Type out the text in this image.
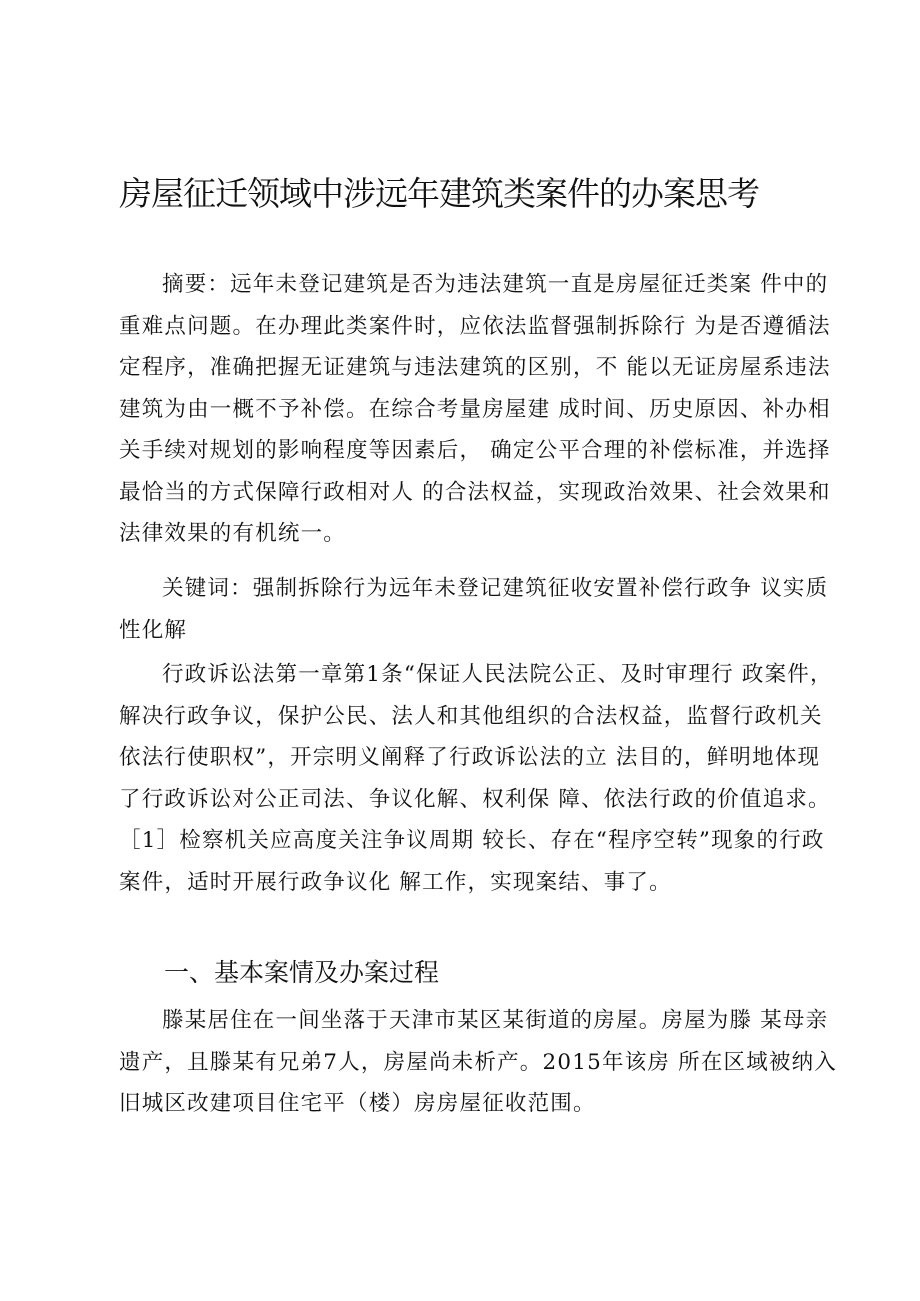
房屋征迁领域中涉远年建筑类案件的办案思考

摘要：远年未登记建筑是否为违法建筑一直是房屋征迁类案 件中的重难点问题。在办理此类案件时，应依法监督强制拆除行 为是否遵循法定程序，准确把握无证建筑与违法建筑的区别，不 能以无证房屋系违法建筑为由一概不予补偿。在综合考量房屋建 成时间、历史原因、补办相关手续对规划的影响程度等因素后， 确定公平合理的补偿标准，并选择最恰当的方式保障行政相对人 的合法权益，实现政治效果、社会效果和法律效果的有机统一。

关键词：强制拆除行为远年未登记建筑征收安置补偿行政争 议实质性化解

行政诉讼法第一章第1条“保证人民法院公正、及时审理行 政案件，解决行政争议，保护公民、法人和其他组织的合法权益，监督行政机关依法行使职权”，开宗明义阐释了行政诉讼法的立 法目的，鲜明地体现了行政诉讼对公正司法、争议化解、权利保 障、依法行政的价值追求。［1］检察机关应高度关注争议周期 较长、存在“程序空转”现象的行政案件，适时开展行政争议化 解工作，实现案结、事了。

一、基本案情及办案过程

滕某居住在一间坐落于天津市某区某街道的房屋。房屋为滕 某母亲遗产，且滕某有兄弟7人，房屋尚未析产。2015年该房 所在区域被纳入旧城区改建项目住宅平（楼）房房屋征收范围。
